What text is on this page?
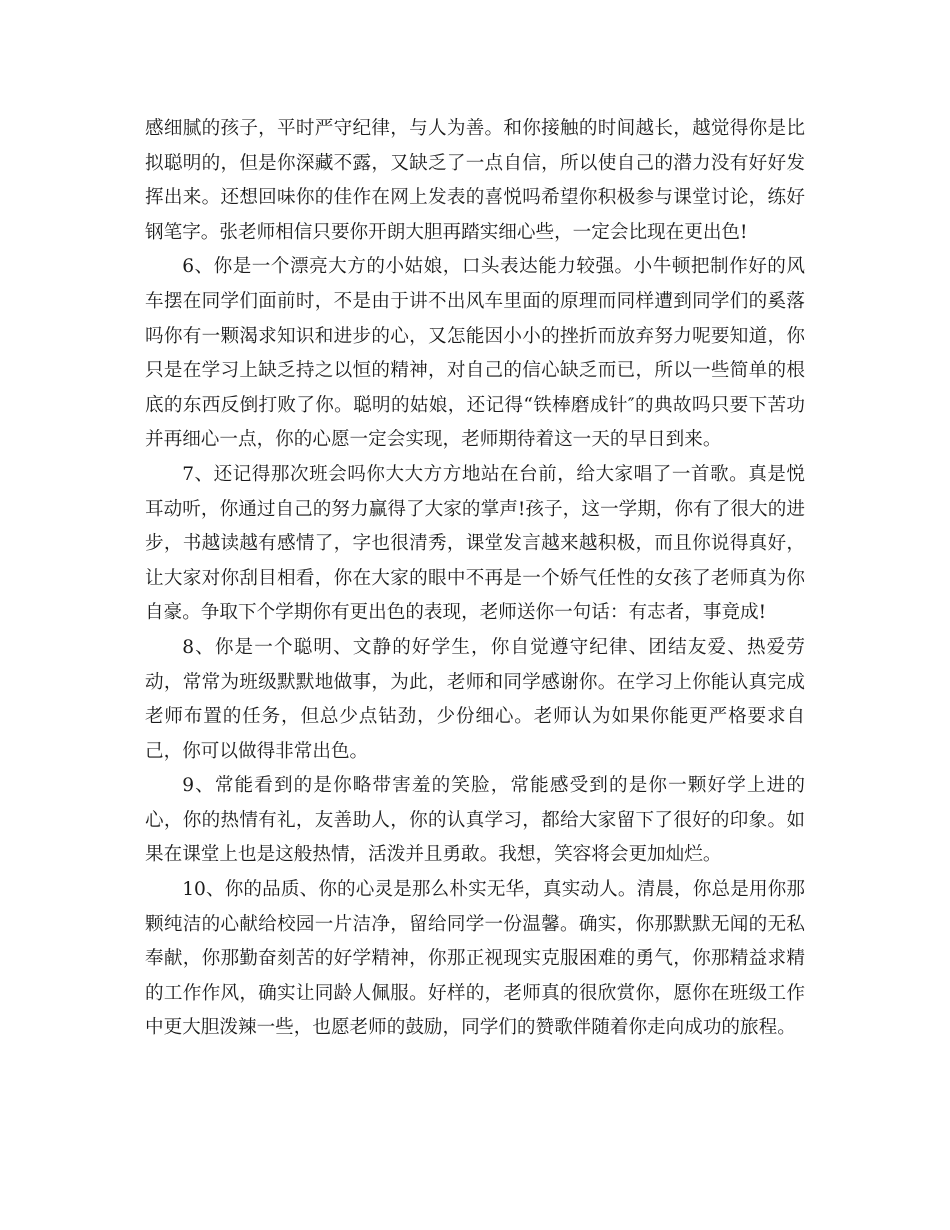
感细腻的孩子，平时严守纪律，与人为善。和你接触的时间越长，越觉得你是比拟聪明的，但是你深藏不露，又缺乏了一点自信，所以使自己的潜力没有好好发挥出来。还想回味你的佳作在网上发表的喜悦吗希望你积极参与课堂讨论，练好钢笔字。张老师相信只要你开朗大胆再踏实细心些，一定会比现在更出色!

6、你是一个漂亮大方的小姑娘，口头表达能力较强。小牛顿把制作好的风车摆在同学们面前时，不是由于讲不出风车里面的原理而同样遭到同学们的奚落吗你有一颗渴求知识和进步的心，又怎能因小小的挫折而放弃努力呢要知道，你只是在学习上缺乏持之以恒的精神，对自己的信心缺乏而已，所以一些简单的根底的东西反倒打败了你。聪明的姑娘，还记得“铁棒磨成针″的典故吗只要下苦功并再细心一点，你的心愿一定会实现，老师期待着这一天的早日到来。

7、还记得那次班会吗你大大方方地站在台前，给大家唱了一首歌。真是悦耳动听，你通过自己的努力赢得了大家的掌声!孩子，这一学期，你有了很大的进步，书越读越有感情了，字也很清秀，课堂发言越来越积极，而且你说得真好，让大家对你刮目相看，你在大家的眼中不再是一个娇气任性的女孩了老师真为你自豪。争取下个学期你有更出色的表现，老师送你一句话：有志者，事竟成!

8、你是一个聪明、文静的好学生，你自觉遵守纪律、团结友爱、热爱劳动，常常为班级默默地做事，为此，老师和同学感谢你。在学习上你能认真完成老师布置的任务，但总少点钻劲，少份细心。老师认为如果你能更严格要求自己，你可以做得非常出色。

9、常能看到的是你略带害羞的笑脸，常能感受到的是你一颗好学上进的心，你的热情有礼，友善助人，你的认真学习，都给大家留下了很好的印象。如果在课堂上也是这般热情，活泼并且勇敢。我想，笑容将会更加灿烂。

10、你的品质、你的心灵是那么朴实无华，真实动人。清晨，你总是用你那颗纯洁的心献给校园一片洁净，留给同学一份温馨。确实，你那默默无闻的无私奉献，你那勤奋刻苦的好学精神，你那正视现实克服困难的勇气，你那精益求精的工作作风，确实让同龄人佩服。好样的，老师真的很欣赏你，愿你在班级工作中更大胆泼辣一些，也愿老师的鼓励，同学们的赞歌伴随着你走向成功的旅程。
